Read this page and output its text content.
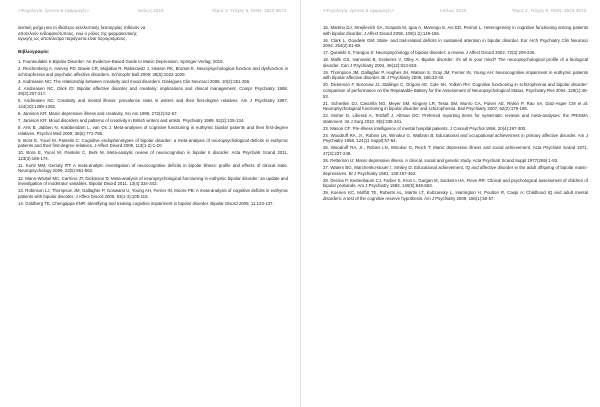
«Ψυχολογία: έρευνα & εφαρμογές»	Ιούλιος 2019	Τόμος 2, Τεύχος 5, ISSN: 2623-3673

λεκτική μνήμη και το ιδιαίτερο εκτελεστικής λειτουργίας πιθανόν να

αποτελούν ενδοφαινότυπους, ενώ ο ρόλος της φαρμακευτικής

αγωγής ως αποτέλεσμα παράγοντα είναι περιορισμένος.

Βιβλιογραφία:

1. Fountoulakis K.Bipolar Disorder: An Evidence-Based Guide to Manic Depression. Springer-Verlag; 2015.

2. Reichenberg A, Harvey PD, Bowie CR, Mojtabai R, Rabinowitz J, Heaton RK, Bromet E. Neuropsychological function and dysfunction in schizophrenia and psychotic affective disorders. Schizophr Bull 2009; 35(5):1022-1029.

3. Andreasen NC: The relationship between creativity and mood disorders. Dialogues Clin Neurosci 2008, 10(2):251-255.

4. Andreasen NC, Glick ID: Bipolar affective disorder and creativity: implications and clinical management. Compr Psychiatry 1988, 29(3):207-217.

5. Andreasen NC: Creativity and mental illness: prevalence rates in writers and their first-degree relatives. Am J Psychiatry 1987, 144(10):1288-1292.

6. Jamison KR: Manic-depressive illness and creativity. Sci Am 1995, 272(2):62-67.

7. Jamison KR: Mood disorders and patterns of creativity in British writers and artists. Psychiatry 1989, 52(2):125-134.

8. Arts B, Jabben N, Krabbendam L, van Os J. Meta-analyses of cognitive functioning in euthymic bipolar patients and their first-degree relatives. Psychol Med 2008; 38(6):771-785.

9. Bora E, Yucel M, Pantelis C. Cognitive endophenotypes of bipolar disorder: a meta-analysis of neuropsychological deficits in euthymic patients and their first-degree relatives. J Affect Disord 2009, 113(1-2):1-20.

10. Bora E, Yucel M, Pantelis C, Berk M. Meta-analytic review of neurocognition in bipolar II disorder. Acta Psychiatr Scand 2011, 123(3):165-174.

11. Kurtz MM, Gerraty RT: A meta-analytic investigation of neurocognitive deficits in bipolar illness: profile and effects of clinical state. Neuropsychology 2009, 23(5):551-562.

12. Mann-Wrobel MC, Carreno JT, Dickinson D: Meta-analysis of neuropsychological functioning in euthymic bipolar disorder: an update and investigation of moderator variables. Bipolar Disord 2011, 13(4):334-342.

13. Robinson LJ, Thompson JM, Gallagher P, Goswami U, Young AH, Ferrier IN, Moore PB: A meta-analysis of cognitive deficits in euthymic patients with bipolar disorder. J Affect Disord 2006, 93(1-3):105-115.

14. Goldberg TE, Chengappa KNR: Identifying and treating cognitive impairment in bipolar disorder. Bipolar Disord 2009, 11:123-137.

«Ψυχολογία: έρευνα & εφαρμογές»	Ιούλιος 2019	Τόμος 2, Τεύχος 5, ISSN: 2623-3673

15. Martino DJ, Strejilevich SA, Scapola M, Igoa A, Marengo E, Ais ED, Perinot L. Heterogeneity in cognitive functioning among patients with bipolar disorder. J Affect Disord 2008, 109(1-2):149-156.

16. Clark L, Goodwin GM: State- and trait-related deficits in sustained attention in bipolar disorder. Eur Arch Psychiatry Clin Neurosci 2004, 254(2):61-68.

17. Quraishi S, Frangou S: Neuropsychology of bipolar disorder: a review. J Affect Disord 2002, 72(3):209-226.

18. Malhi GS, Ivanovski B, Szekeres V, Olley A: Bipolar disorder: it's all in your mind? The neuropsychological profile of a biological disorder. Can J Psychiatry 2004, 49(12):813-819.

19. Thompson JM, Gallagher P, Hughes JH, Watson S, Gray JM, Ferrier IN, Young AH: Neurocognitive impairment in euthymic patients with bipolar affective disorder. Br J Psychiatry 2005, 186:32-40.

20. Dickerson F, Boronow JJ, Stallings C, Origoni AE, Cole SK, Yolken RH: Cognitive functioning in schizophrenia and bipolar disorder: comparison of performance on the Repeatable Battery for the Assessment of Neuropsychological Status. Psychiatry Res 2004, 129(1):45-53.

21. Schretlen DJ, Cascella NG, Meyer SM, Kingery LR, Testa SM, Munro CA, Pulver AE, Rivkin P, Rao VA, Diaz-Asper CM et al: Neuropsychological functioning in bipolar disorder and schizophrenia. Biol Psychiatry 2007, 62(2):179-186.

22. Moher D, Liberati A, Tetzlaff J, Altman DG: Preferred reporting items for systematic reviews and meta-analyses: the PRISMA statement. Int J Surg 2010, 8(5):336-341.

23. Mason CF: Pre-illness intelligence of mental hospital patients. J Consult Psychol 1956, 20(4):297-300.

24. Woodruff RA, Jr., Robins LN, Winokur G, Walbran B: Educational and occupational achievement in primary affective disorder. Am J Psychiatry 1968, 124(11 Suppl):57-64.

25. Woodruff RA, Jr., Robins LN, Winokur G, Reich T: Manic depressive illness and social achievement. Acta Psychiatr Scand 1971, 47(3):237-249.

26. Petterson U: Manic-depressive illness. A clinical, social and genetic study. Acta Psychiatr Scand Suppl 1977(269):1-93.

27. Waters BG, Marchenko-Bouer I, Smiley D: Educational achievement, IQ and affective disorder in the adult offspring of bipolar manic-depressives. Br J Psychiatry 1981, 139:457-462.

28. Decina P, Kestenbaum CJ, Farber S, Kron L, Gargan M, Sackeim HA, Fieve RR: Clinical and psychological assessment of children of bipolar probands. Am J Psychiatry 1983, 140(5):548-553.

29. Koenen KC, Moffitt TE, Roberts AL, Martin LT, Kubzansky L, Harrington H, Poulton R, Caspi A: Childhood IQ and adult mental disorders: a test of the cognitive reserve hypothesis. Am J Psychiatry 2009, 166(1):50-57.
